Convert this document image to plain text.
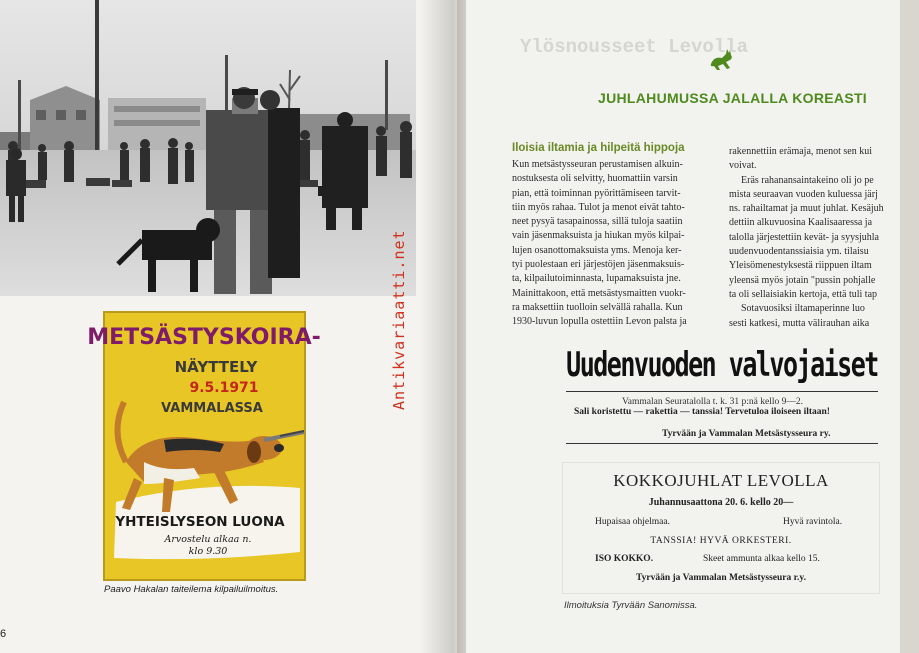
METSÄSTYSKOIRA-
NÄYTTELY
9.5.1971
VAMMALASSA
YHTEISLYSEON LUONA
Arvostelu alkaa n.
klo 9.30
Paavo Hakalan taiteilema kilpailuilmoitus.
6
Antikvariaatti.net
Ylösnousseet Levolla
JUHLAHUMUSSA JALALLA KOREASTI
Iloisia iltamia ja hilpeitä hippoja

Kun metsästysseuran perustamisen alkuin-

nostuksesta oli selvitty, huomattiin varsin

pian, että toiminnan pyörittämiseen tarvit-

tiin myös rahaa. Tulot ja menot eivät tahto-

neet pysyä tasapainossa, sillä tuloja saatiin

vain jäsenmaksuista ja hiukan myös kilpai-

lujen osanottomaksuista yms. Menoja ker-

tyi puolestaan eri järjestöjen jäsenmaksuis-

ta, kilpailutoiminnasta, lupamaksuista jne.

Mainittakoon, että metsästysmaitten vuokr-

ra maksettiin tuolloin selvällä rahalla. Kun

1930-luvun lopulla ostettiin Levon palsta ja

rakennettiin erämaja, menot sen kui

voivat.

Eräs rahanansaintakeino oli jo pe

mista seuraavan vuoden kuluessa järj

ns. rahailtamat ja muut juhlat. Kesäjuh

dettiin alkuvuosina Kaalisaaressa ja

talolla järjestettiin kevät- ja syysjuhla

uudenvuodentanssiaisia ym. tilaisu

Yleisömenestyksestä riippuen iltam

yleensä myös jotain "pussin pohjalle

ta oli sellaisiakin kertoja, että tuli tap

Sotavuosiksi iltamaperinne luo

sesti katkesi, mutta välirauhan aika

Uudenvuoden valvojaiset
Vammalan Seuratalolla t. k. 31 p:nä kello 9—2.
Sali koristettu — rakettia — tanssia! Tervetuloa iloiseen iltaan!
Tyrvään ja Vammalan Metsästysseura ry.
KOKKOJUHLAT LEVOLLA
Juhannusaattona 20. 6. kello 20—
Hupaisaa ohjelmaa.	Hyvä ravintola.
TANSSIA! HYVÄ ORKESTERI.
ISO KOKKO.	Skeet ammunta alkaa kello 15.
Tyrvään ja Vammalan Metsästysseura r.y.
Ilmoituksia Tyrvään Sanomissa.
